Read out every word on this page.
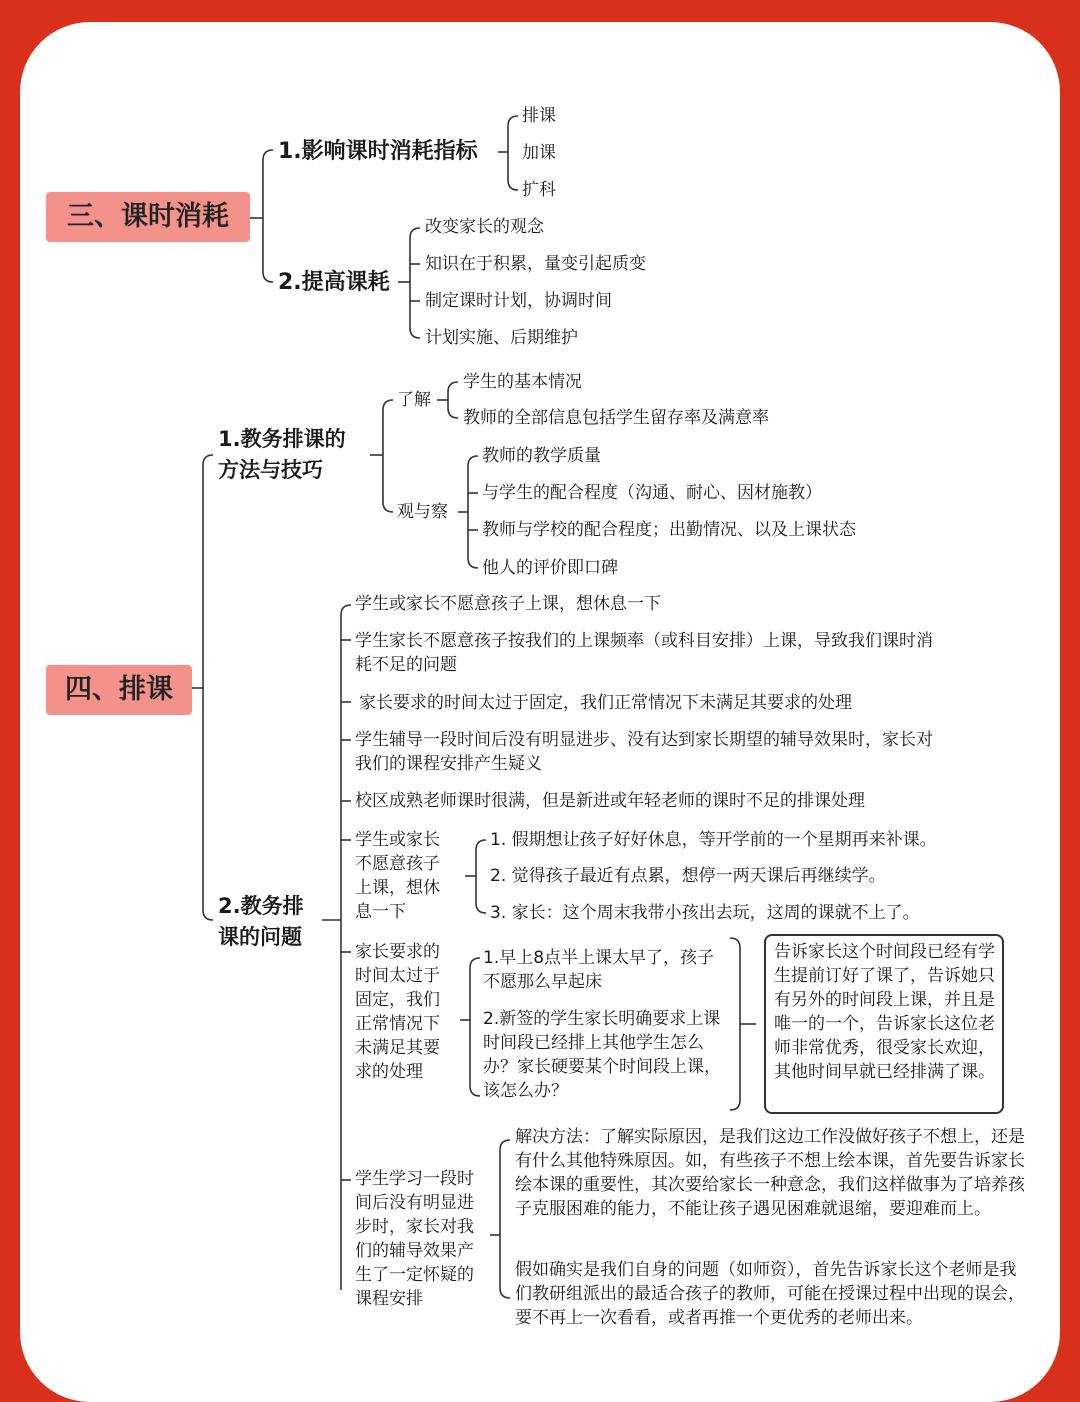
三、课时消耗
1.影响课时消耗指标
排课
加课
扩科
2.提高课耗
改变家长的观念
知识在于积累，量变引起质变
制定课时计划，协调时间
计划实施、后期维护
四、排课
1.教务排课的
方法与技巧
了解
学生的基本情况
教师的全部信息包括学生留存率及满意率
观与察
教师的教学质量
与学生的配合程度（沟通、耐心、因材施教）
教师与学校的配合程度；出勤情况、以及上课状态
他人的评价即口碑
2.教务排
课的问题
学生或家长不愿意孩子上课，想休息一下
学生家长不愿意孩子按我们的上课频率（或科目安排）上课，导致我们课时消耗不足的问题
家长要求的时间太过于固定，我们正常情况下未满足其要求的处理
学生辅导一段时间后没有明显进步、没有达到家长期望的辅导效果时，家长对我们的课程安排产生疑义
校区成熟老师课时很满，但是新进或年轻老师的课时不足的排课处理
学生或家长不愿意孩子上课，想休息一下
1. 假期想让孩子好好休息，等开学前的一个星期再来补课。
2. 觉得孩子最近有点累，想停一两天课后再继续学。
3. 家长：这个周末我带小孩出去玩，这周的课就不上了。
家长要求的时间太过于固定，我们正常情况下未满足其要求的处理
1.早上8点半上课太早了，孩子不愿那么早起床
2.新签的学生家长明确要求上课时间段已经排上其他学生怎么办？家长硬要某个时间段上课，该怎么办？
告诉家长这个时间段已经有学生提前订好了课了，告诉她只有另外的时间段上课，并且是唯一的一个，告诉家长这位老师非常优秀，很受家长欢迎，其他时间早就已经排满了课。
学生学习一段时间后没有明显进步时，家长对我们的辅导效果产生了一定怀疑的课程安排
解决方法：了解实际原因，是我们这边工作没做好孩子不想上，还是有什么其他特殊原因。如，有些孩子不想上绘本课，首先要告诉家长绘本课的重要性，其次要给家长一种意念，我们这样做事为了培养孩子克服困难的能力，不能让孩子遇见困难就退缩，要迎难而上。
假如确实是我们自身的问题（如师资），首先告诉家长这个老师是我们教研组派出的最适合孩子的教师，可能在授课过程中出现的误会，要不再上一次看看，或者再推一个更优秀的老师出来。
